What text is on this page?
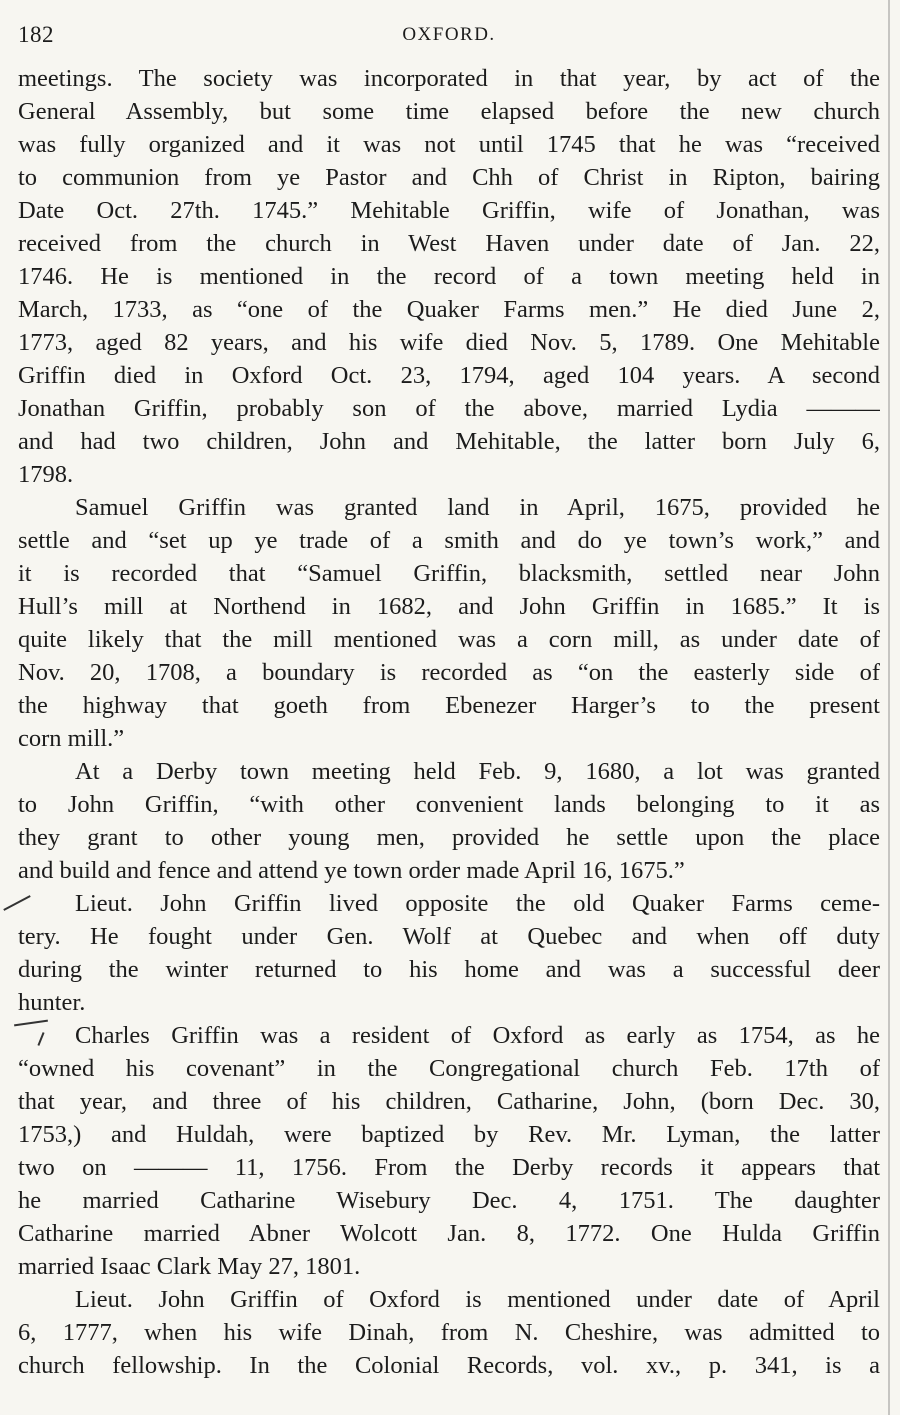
182	OXFORD.
meetings. The society was incorporated in that year, by act of the
General Assembly, but some time elapsed before the new church
was fully organized and it was not until 1745 that he was “received
to communion from ye Pastor and Chh of Christ in Ripton, bairing
Date Oct. 27th. 1745.” Mehitable Griffin, wife of Jonathan, was
received from the church in West Haven under date of Jan. 22,
1746. He is mentioned in the record of a town meeting held in
March, 1733, as “one of the Quaker Farms men.” He died June 2,
1773, aged 82 years, and his wife died Nov. 5, 1789. One Mehitable
Griffin died in Oxford Oct. 23, 1794, aged 104 years. A second
Jonathan Griffin, probably son of the above, married Lydia ———
and had two children, John and Mehitable, the latter born July 6,
1798.
Samuel Griffin was granted land in April, 1675, provided he
settle and “set up ye trade of a smith and do ye town’s work,” and
it is recorded that “Samuel Griffin, blacksmith, settled near John
Hull’s mill at Northend in 1682, and John Griffin in 1685.” It is
quite likely that the mill mentioned was a corn mill, as under date of
Nov. 20, 1708, a boundary is recorded as “on the easterly side of
the highway that goeth from Ebenezer Harger’s to the present
corn mill.”
At a Derby town meeting held Feb. 9, 1680, a lot was granted
to John Griffin, “with other convenient lands belonging to it as
they grant to other young men, provided he settle upon the place
and build and fence and attend ye town order made April 16, 1675.”
Lieut. John Griffin lived opposite the old Quaker Farms ceme-
tery. He fought under Gen. Wolf at Quebec and when off duty
during the winter returned to his home and was a successful deer
hunter.
Charles Griffin was a resident of Oxford as early as 1754, as he
“owned his covenant” in the Congregational church Feb. 17th of
that year, and three of his children, Catharine, John, (born Dec. 30,
1753,) and Huldah, were baptized by Rev. Mr. Lyman, the latter
two on ——— 11, 1756. From the Derby records it appears that
he married Catharine Wisebury Dec. 4, 1751. The daughter
Catharine married Abner Wolcott Jan. 8, 1772. One Hulda Griffin
married Isaac Clark May 27, 1801.
Lieut. John Griffin of Oxford is mentioned under date of April
6, 1777, when his wife Dinah, from N. Cheshire, was admitted to
church fellowship. In the Colonial Records, vol. xv., p. 341, is a
